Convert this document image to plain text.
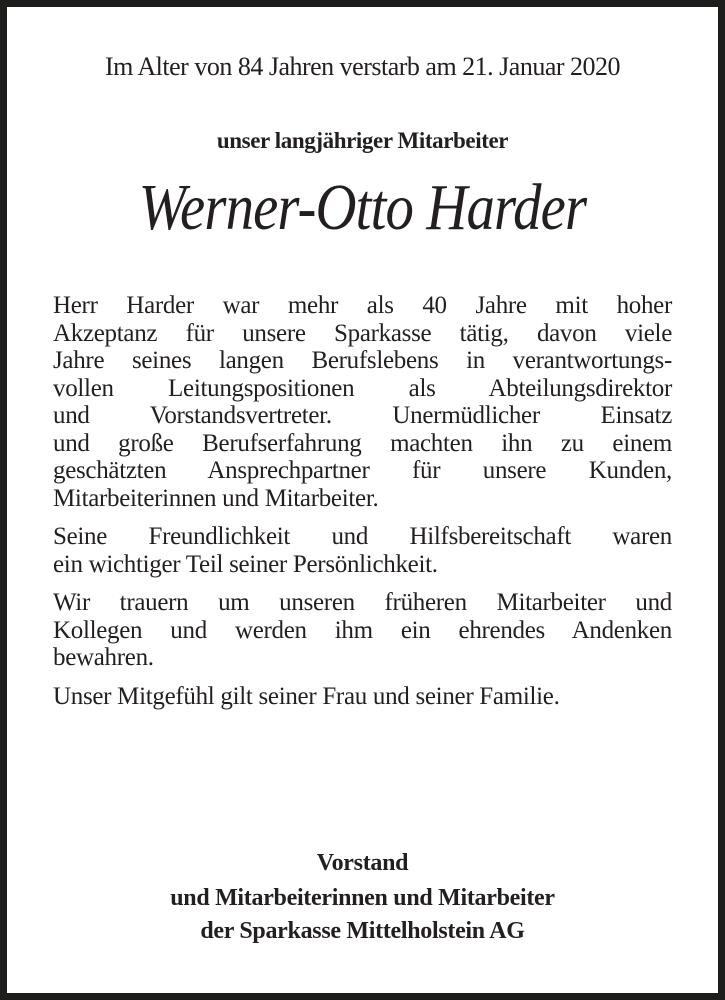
Im Alter von 84 Jahren verstarb am 21. Januar 2020
unser langjähriger Mitarbeiter
Werner-Otto Harder
Herr Harder war mehr als 40 Jahre mit hoher
Akzeptanz für unsere Sparkasse tätig, davon viele
Jahre seines langen Berufslebens in verantwortungs-
vollen Leitungspositionen als Abteilungsdirektor
und Vorstandsvertreter. Unermüdlicher Einsatz
und große Berufserfahrung machten ihn zu einem
geschätzten Ansprechpartner für unsere Kunden,
Mitarbeiterinnen und Mitarbeiter.
Seine Freundlichkeit und Hilfsbereitschaft waren
ein wichtiger Teil seiner Persönlichkeit.
Wir trauern um unseren früheren Mitarbeiter und
Kollegen und werden ihm ein ehrendes Andenken
bewahren.
Unser Mitgefühl gilt seiner Frau und seiner Familie.
Vorstand
und Mitarbeiterinnen und Mitarbeiter
der Sparkasse Mittelholstein AG
